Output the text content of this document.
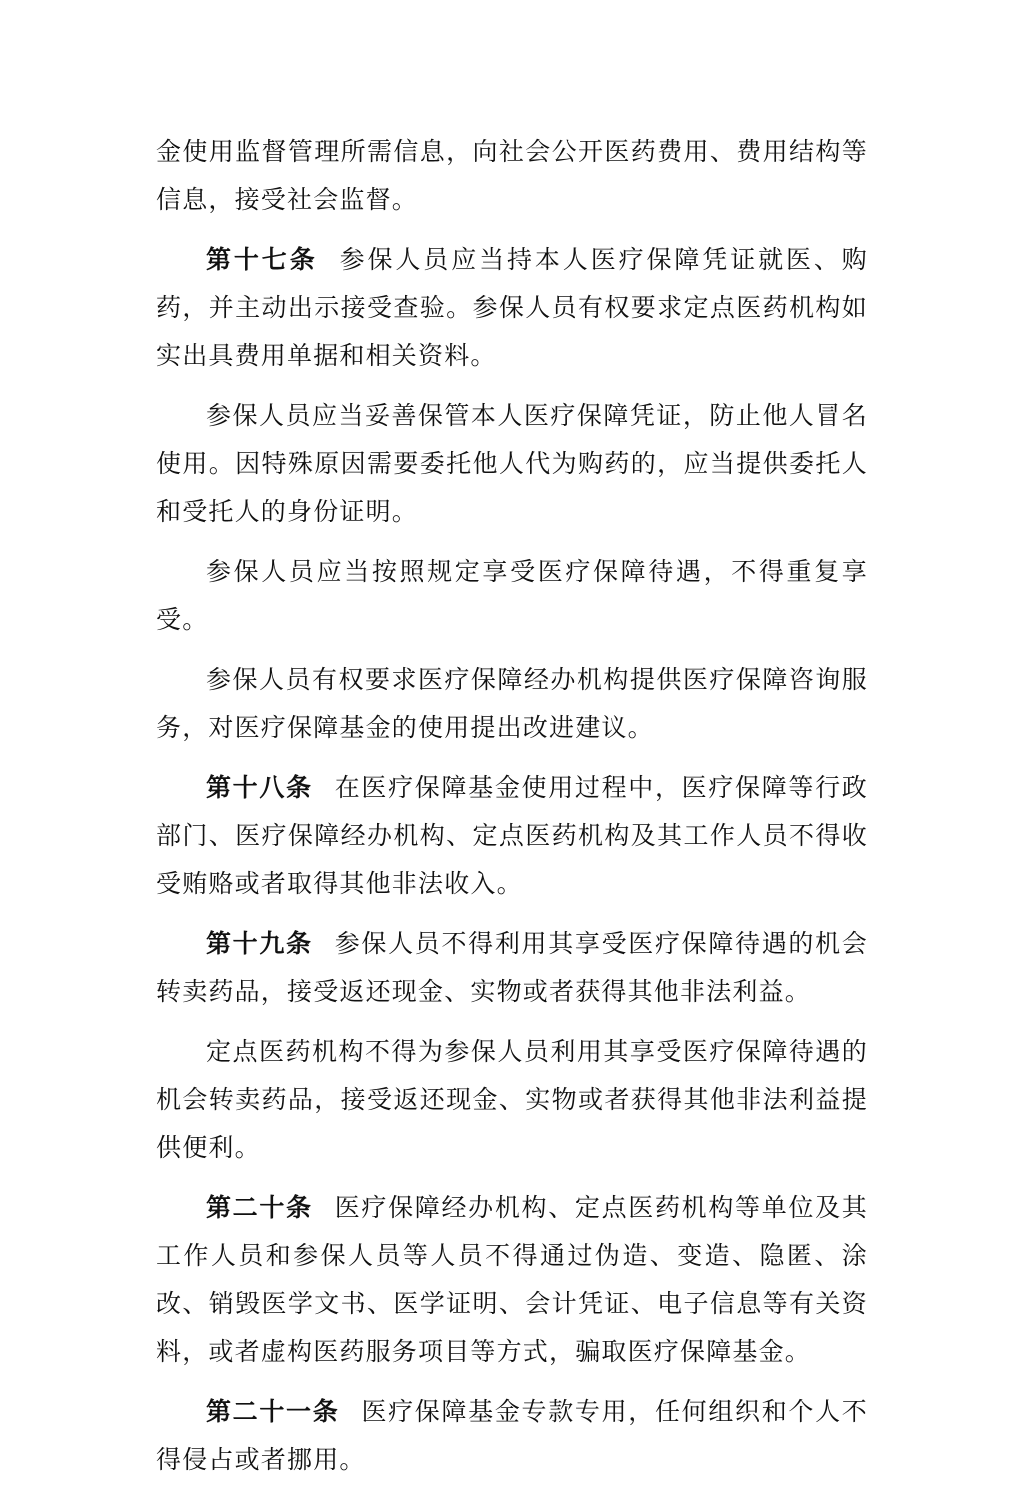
金使用监督管理所需信息，向社会公开医药费用、费用结构等信息，接受社会监督。

第十七条 参保人员应当持本人医疗保障凭证就医、购药，并主动出示接受查验。参保人员有权要求定点医药机构如实出具费用单据和相关资料。

参保人员应当妥善保管本人医疗保障凭证，防止他人冒名使用。因特殊原因需要委托他人代为购药的，应当提供委托人和受托人的身份证明。

参保人员应当按照规定享受医疗保障待遇，不得重复享受。

参保人员有权要求医疗保障经办机构提供医疗保障咨询服务，对医疗保障基金的使用提出改进建议。

第十八条 在医疗保障基金使用过程中，医疗保障等行政部门、医疗保障经办机构、定点医药机构及其工作人员不得收受贿赂或者取得其他非法收入。

第十九条 参保人员不得利用其享受医疗保障待遇的机会转卖药品，接受返还现金、实物或者获得其他非法利益。

定点医药机构不得为参保人员利用其享受医疗保障待遇的机会转卖药品，接受返还现金、实物或者获得其他非法利益提供便利。

第二十条 医疗保障经办机构、定点医药机构等单位及其工作人员和参保人员等人员不得通过伪造、变造、隐匿、涂改、销毁医学文书、医学证明、会计凭证、电子信息等有关资料，或者虚构医药服务项目等方式，骗取医疗保障基金。

第二十一条 医疗保障基金专款专用，任何组织和个人不得侵占或者挪用。
